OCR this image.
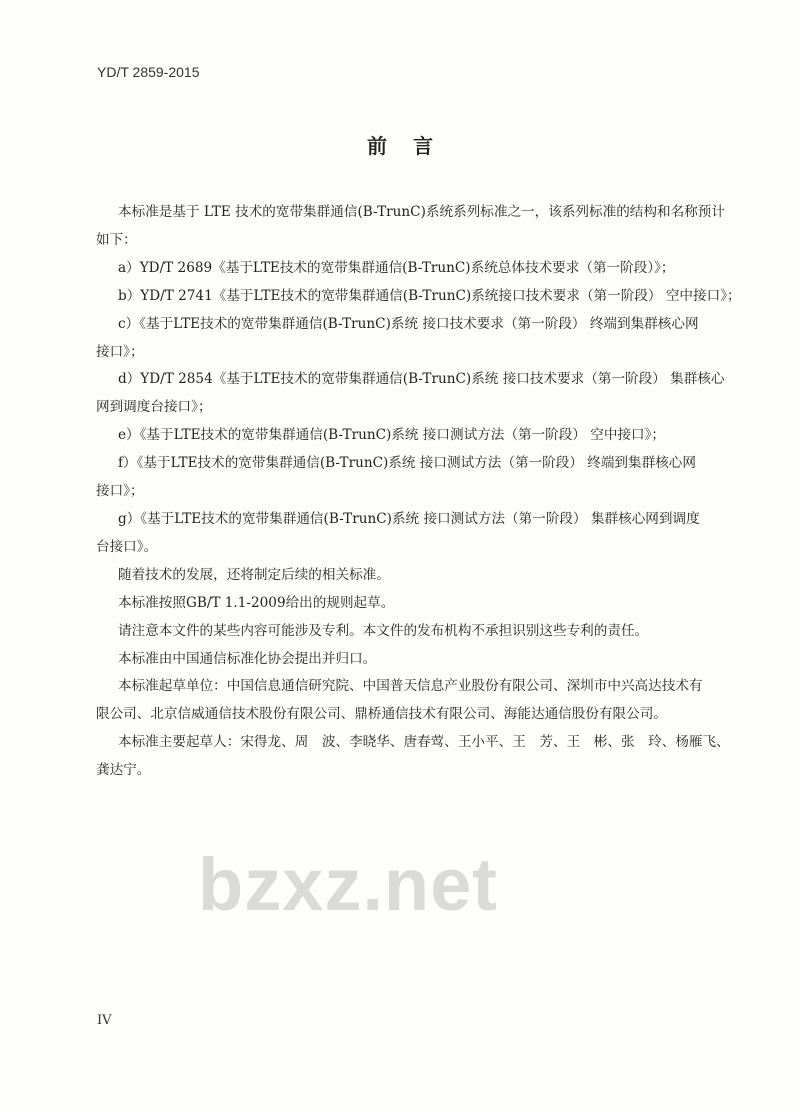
YD/T 2859-2015
前言
本标准是基于 LTE 技术的宽带集群通信(B-TrunC)系统系列标准之一，该系列标准的结构和名称预计
如下：
a）YD/T 2689《基于LTE技术的宽带集群通信(B-TrunC)系统总体技术要求（第一阶段）》；
b）YD/T 2741《基于LTE技术的宽带集群通信(B-TrunC)系统接口技术要求（第一阶段） 空中接口》；
c）《基于LTE技术的宽带集群通信(B-TrunC)系统 接口技术要求（第一阶段） 终端到集群核心网
接口》；
d）YD/T 2854《基于LTE技术的宽带集群通信(B-TrunC)系统 接口技术要求（第一阶段） 集群核心
网到调度台接口》；
e）《基于LTE技术的宽带集群通信(B-TrunC)系统 接口测试方法（第一阶段） 空中接口》；
f）《基于LTE技术的宽带集群通信(B-TrunC)系统 接口测试方法（第一阶段） 终端到集群核心网
接口》；
g）《基于LTE技术的宽带集群通信(B-TrunC)系统 接口测试方法（第一阶段） 集群核心网到调度
台接口》。
随着技术的发展，还将制定后续的相关标准。
本标准按照GB/T 1.1-2009给出的规则起草。
请注意本文件的某些内容可能涉及专利。本文件的发布机构不承担识别这些专利的责任。
本标准由中国通信标准化协会提出并归口。
本标准起草单位：中国信息通信研究院、中国普天信息产业股份有限公司、深圳市中兴高达技术有
限公司、北京信威通信技术股份有限公司、鼎桥通信技术有限公司、海能达通信股份有限公司。
本标准主要起草人：宋得龙、周　波、李晓华、唐春莺、王小平、王　芳、王　彬、张　玲、杨雁飞、
龚达宁。
bzxz.net
IV
